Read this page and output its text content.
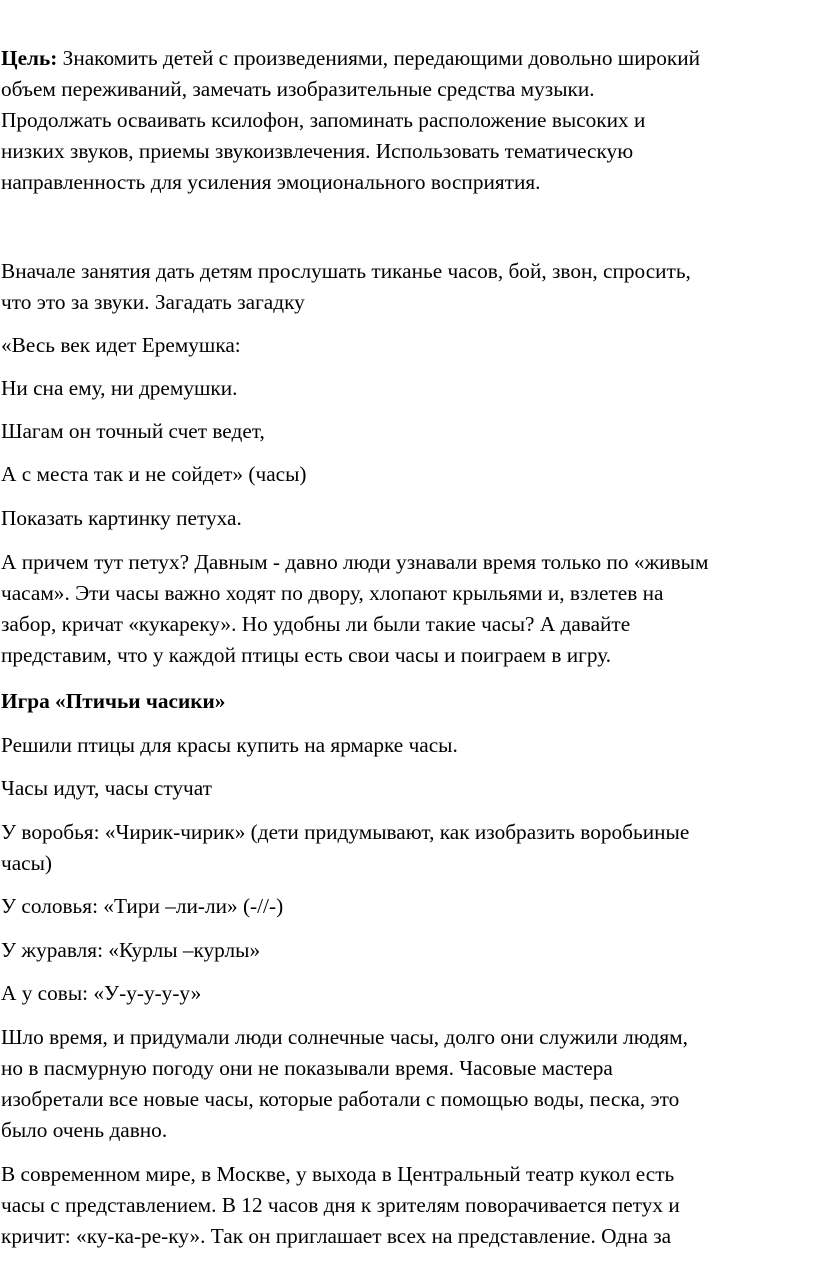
Цель: Знакомить детей с произведениями, передающими довольно широкий
объем переживаний, замечать изобразительные средства музыки.
Продолжать осваивать ксилофон, запоминать расположение высоких и
низких звуков, приемы звукоизвлечения. Использовать тематическую
направленность для усиления эмоционального восприятия.

Вначале занятия дать детям прослушать тиканье часов, бой, звон, спросить,
что это за звуки. Загадать загадку

«Весь век идет Еремушка:

Ни сна ему, ни дремушки.

Шагам он точный счет ведет,

А с места так и не сойдет» (часы)

Показать картинку петуха.

А причем тут петух? Давным - давно люди узнавали время только по «живым
часам». Эти часы важно ходят по двору, хлопают крыльями и, взлетев на
забор, кричат «кукареку». Но удобны ли были такие часы? А давайте
представим, что у каждой птицы есть свои часы и поиграем в игру.

Игра «Птичьи часики»

Решили птицы для красы купить на ярмарке часы.

Часы идут, часы стучат

У воробья: «Чирик-чирик» (дети придумывают, как изобразить воробьиные
часы)

У соловья: «Тири –ли-ли» (-//-)

У журавля: «Курлы –курлы»

А у совы: «У-у-у-у-у»

Шло время, и придумали люди солнечные часы, долго они служили людям,
но в пасмурную погоду они не показывали время. Часовые мастера
изобретали все новые часы, которые работали с помощью воды, песка, это
было очень давно.

В современном мире, в Москве, у выхода в Центральный театр кукол есть
часы с представлением. В 12 часов дня к зрителям поворачивается петух и
кричит: «ку-ка-ре-ку». Так он приглашает всех на представление. Одна за
